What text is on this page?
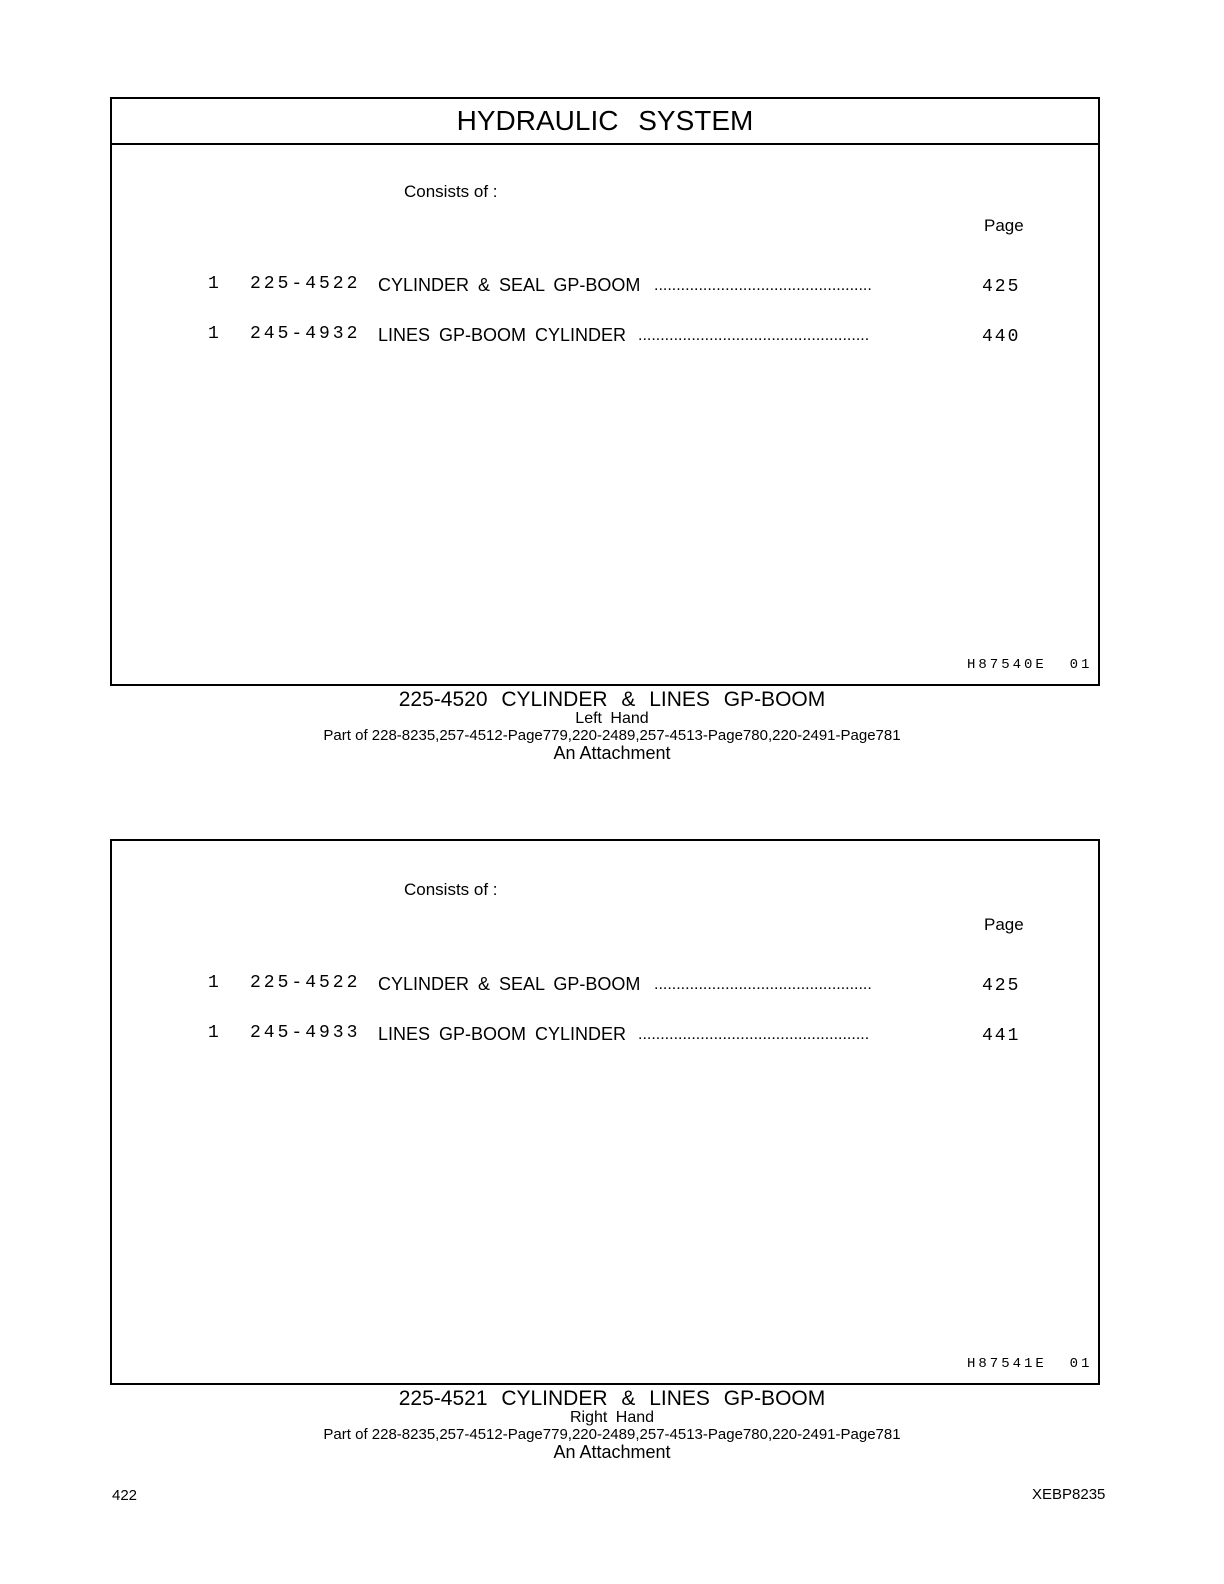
HYDRAULIC SYSTEM
Consists of :
Page
1 225-4522 CYLINDER & SEAL GP-BOOM .................................................	425
1 245-4932 LINES GP-BOOM CYLINDER ....................................................	440
H87540E  01
225-4520 CYLINDER & LINES GP-BOOM
Left Hand
Part of 228-8235,257-4512-Page779,220-2489,257-4513-Page780,220-2491-Page781
An Attachment
Consists of :
Page
1 225-4522 CYLINDER & SEAL GP-BOOM .................................................	425
1 245-4933 LINES GP-BOOM CYLINDER ....................................................	441
H87541E  01
225-4521 CYLINDER & LINES GP-BOOM
Right Hand
Part of 228-8235,257-4512-Page779,220-2489,257-4513-Page780,220-2491-Page781
An Attachment
422	XEBP8235
